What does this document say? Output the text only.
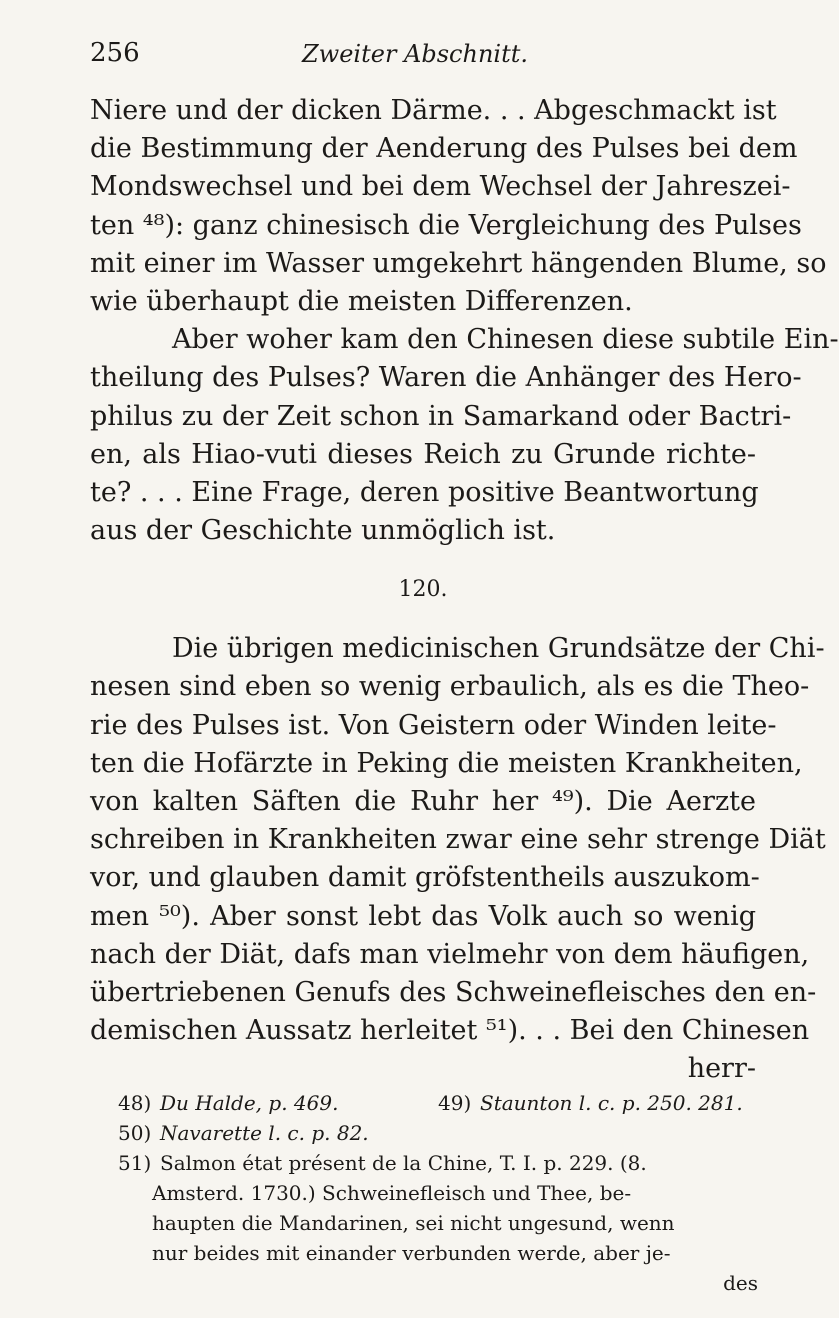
256	Zweiter Abschnitt.
Niere und der dicken Därme. . . Abgeschmackt ist
die Bestimmung der Aenderung des Pulses bei dem
Mondswechsel und bei dem Wechsel der Jahreszei-
ten ⁴⁸): ganz chinesisch die Vergleichung des Pulses
mit einer im Wasser umgekehrt hängenden Blume, so
wie überhaupt die meisten Differenzen.
Aber woher kam den Chinesen diese subtile Ein-
theilung des Pulses? Waren die Anhänger des Hero-
philus zu der Zeit schon in Samarkand oder Bactri-
en, als Hiao-vuti dieses Reich zu Grunde richte-
te? . . . Eine Frage, deren positive Beantwortung
aus der Geschichte unmöglich ist.
120.
Die übrigen medicinischen Grundsätze der Chi-
nesen sind eben so wenig erbaulich, als es die Theo-
rie des Pulses ist. Von Geistern oder Winden leite-
ten die Hofärzte in Peking die meisten Krankheiten,
von kalten Säften die Ruhr her ⁴⁹). Die Aerzte
schreiben in Krankheiten zwar eine sehr strenge Diät
vor, und glauben damit gröfstentheils auszukom-
men ⁵⁰). Aber sonst lebt das Volk auch so wenig
nach der Diät, dafs man vielmehr von dem häufigen,
übertriebenen Genufs des Schweinefleisches den en-
demischen Aussatz herleitet ⁵¹). . . Bei den Chinesen
herr-
48) Du Halde, p. 469.	49) Staunton l. c. p. 250. 281.
50) Navarette l. c. p. 82.
51) Salmon état présent de la Chine, T. I. p. 229. (8.
Amsterd. 1730.) Schweinefleisch und Thee, be-
haupten die Mandarinen, sei nicht ungesund, wenn
nur beides mit einander verbunden werde, aber je-
des
